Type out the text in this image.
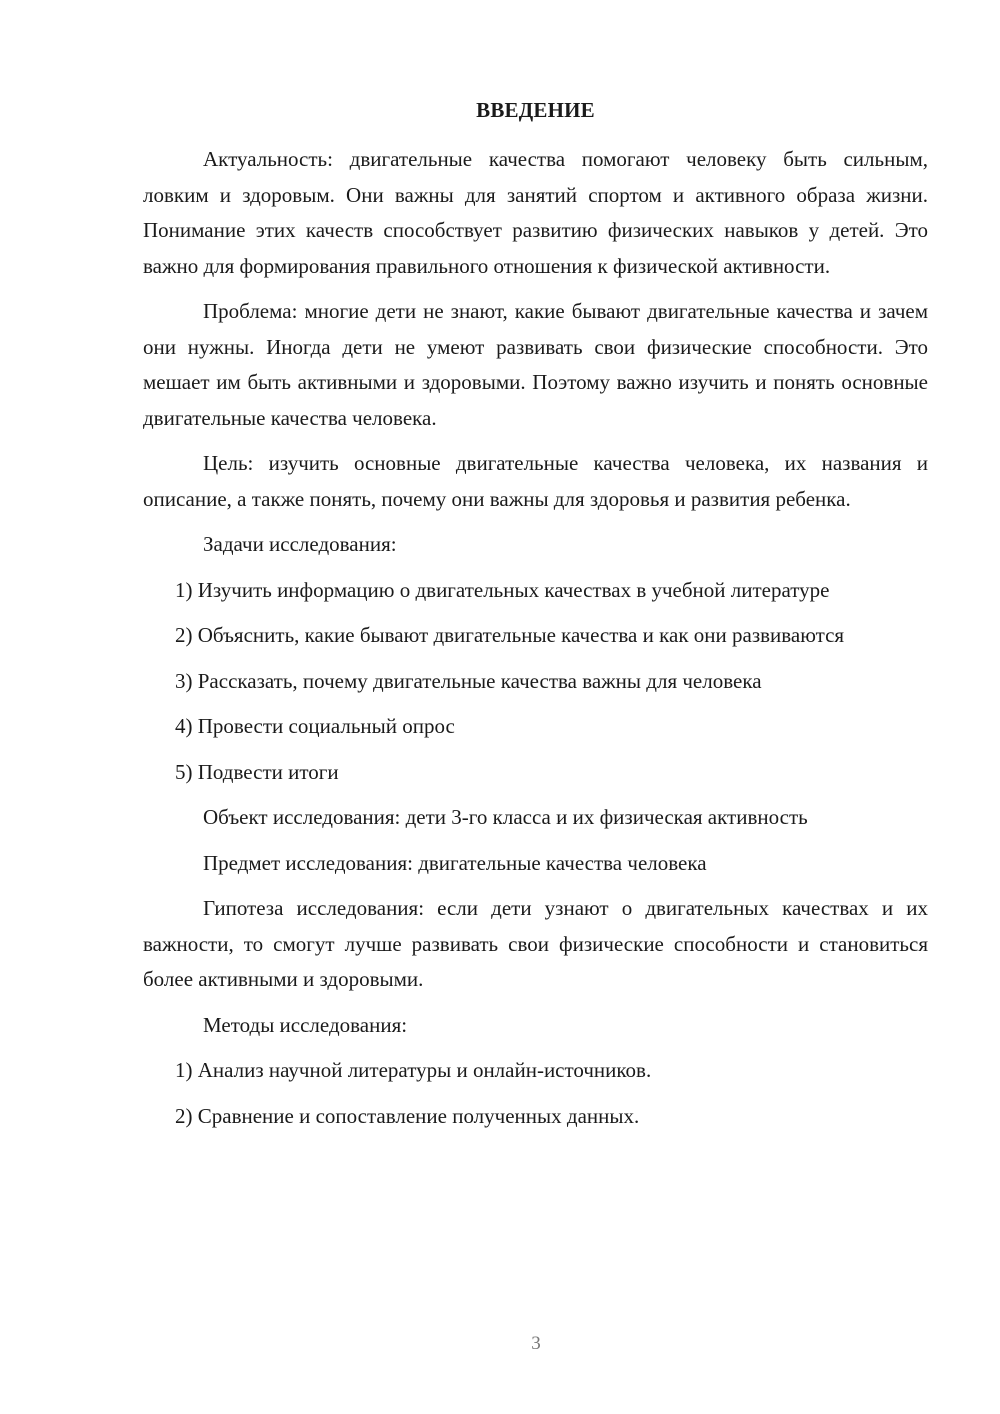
ВВЕДЕНИЕ

Актуальность: двигательные качества помогают человеку быть сильным, ловким и здоровым. Они важны для занятий спортом и активного образа жизни. Понимание этих качеств способствует развитию физических навыков у детей. Это важно для формирования правильного отношения к физической активности.

Проблема: многие дети не знают, какие бывают двигательные качества и зачем они нужны. Иногда дети не умеют развивать свои физические способности. Это мешает им быть активными и здоровыми. Поэтому важно изучить и понять основные двигательные качества человека.

Цель: изучить основные двигательные качества человека, их названия и описание, а также понять, почему они важны для здоровья и развития ребенка.

Задачи исследования:

1) Изучить информацию о двигательных качествах в учебной литературе

2) Объяснить, какие бывают двигательные качества и как они развиваются

3) Рассказать, почему двигательные качества важны для человека

4) Провести социальный опрос

5) Подвести итоги

Объект исследования: дети 3-го класса и их физическая активность

Предмет исследования: двигательные качества человека

Гипотеза исследования: если дети узнают о двигательных качествах и их важности, то смогут лучше развивать свои физические способности и становиться более активными и здоровыми.

Методы исследования:

1) Анализ научной литературы и онлайн-источников.

2) Сравнение и сопоставление полученных данных.

3
